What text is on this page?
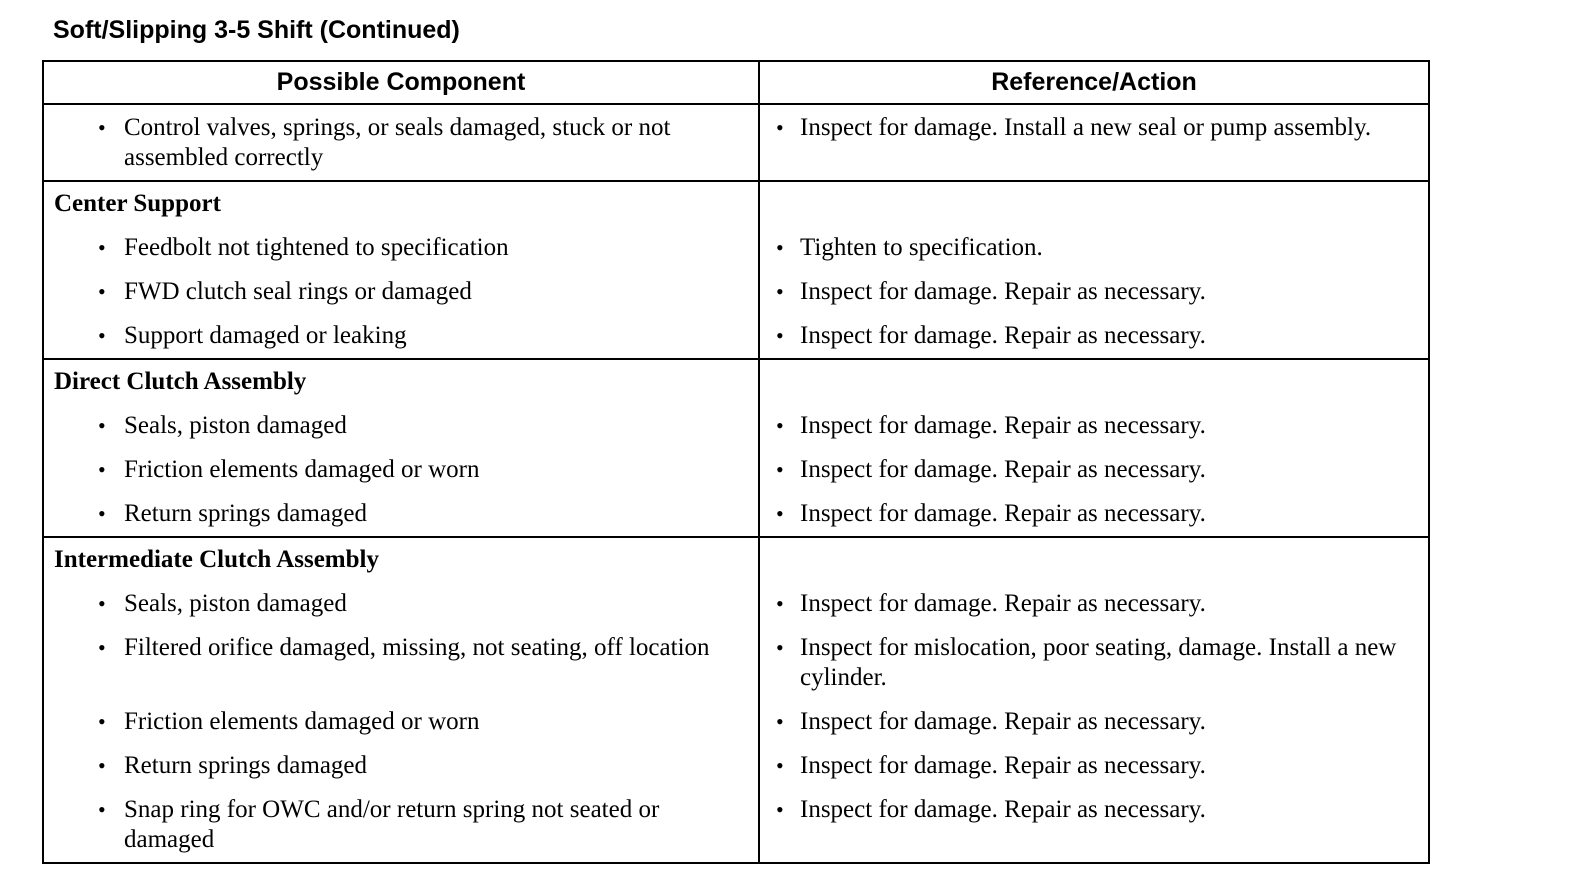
Soft/Slipping 3-5 Shift (Continued)
Possible Component	Reference/Action

• Control valves, springs, or seals damaged, stuck or not assembled correctly	• Inspect for damage. Install a new seal or pump assembly.

Center Support	

• Feedbolt not tightened to specification	• Tighten to specification.

• FWD clutch seal rings or damaged	• Inspect for damage. Repair as necessary.

• Support damaged or leaking	• Inspect for damage. Repair as necessary.

Direct Clutch Assembly	

• Seals, piston damaged	• Inspect for damage. Repair as necessary.

• Friction elements damaged or worn	• Inspect for damage. Repair as necessary.

• Return springs damaged	• Inspect for damage. Repair as necessary.

Intermediate Clutch Assembly	

• Seals, piston damaged	• Inspect for damage. Repair as necessary.

• Filtered orifice damaged, missing, not seating, off location	• Inspect for mislocation, poor seating, damage. Install a new cylinder.

• Friction elements damaged or worn	• Inspect for damage. Repair as necessary.

• Return springs damaged	• Inspect for damage. Repair as necessary.

• Snap ring for OWC and/or return spring not seated or damaged	• Inspect for damage. Repair as necessary.
